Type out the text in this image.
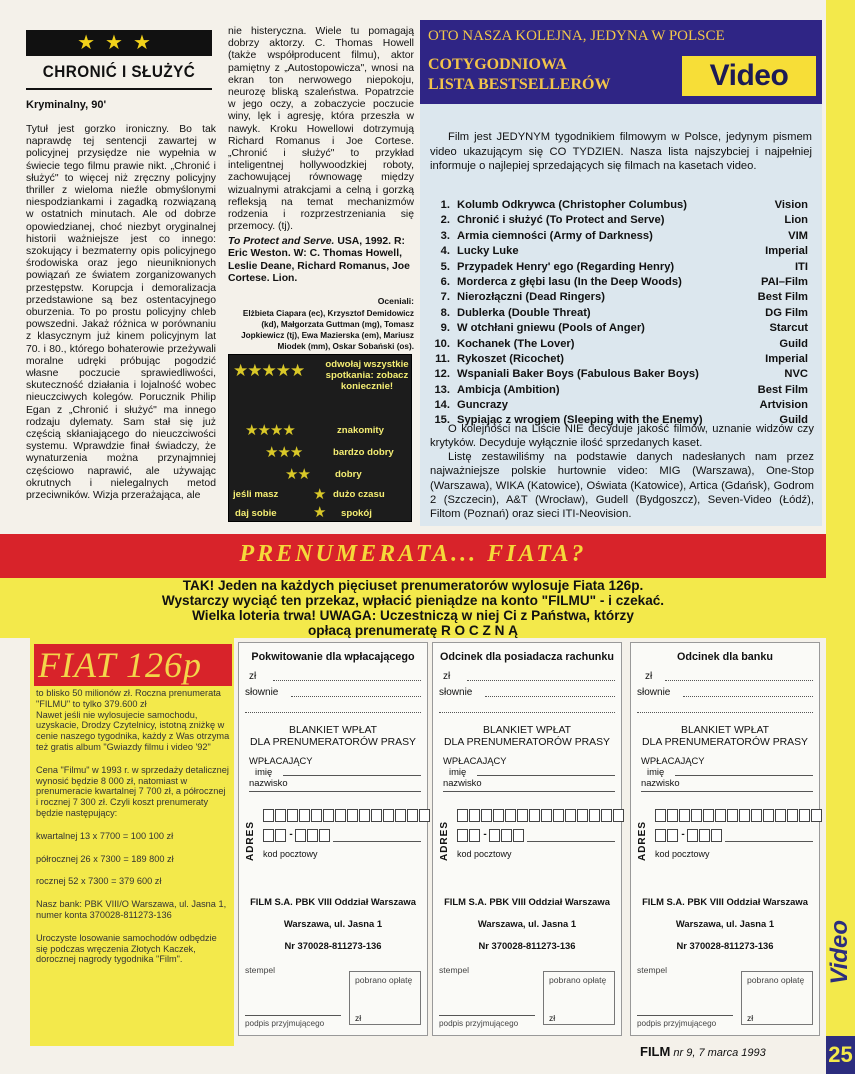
★★★
CHRONIĆ I SŁUŻYĆ
Kryminalny, 90'
Tytuł jest gorzko ironiczny. Bo tak naprawdę tej sentencji zawartej w policyjnej przysiędze nie wypełnia w świecie tego filmu prawie nikt. „Chronić i służyć" to więcej niż zręczny policyjny thriller z wieloma nieźle obmyślonymi niespodziankami i zagadką rozwiązaną w ostatnich minutach. Ale od dobrze opowiedzianej, choć niezbyt oryginalnej historii ważniejsze jest co innego: szokujący i bezmaterny opis policyjnego środowiska oraz jego nieuniknionych powiązań ze światem zorganizowanych przestępstw. Korupcja i demoralizacja przedstawione są bez ostentacyjnego oburzenia. To po prostu policyjny chleb powszedni. Jakaż różnica w porównaniu z klasycznym już kinem policyjnym lat 70. i 80., którego bohaterowie przeżywali moralne udręki próbując pogodzić własne poczucie sprawiedliwości, skuteczność działania i lojalność wobec nieuczciwych kolegów. Porucznik Philip Egan z „Chronić i służyć" ma innego rodzaju dylematy. Sam stał się już częścią skłaniającego do nieuczciwości systemu. Wprawdzie finał świadczy, że wynaturzenia można przynajmniej częściowo naprawić, ale używając okrutnych i nielegalnych metod przeciwników. Wizja przerażająca, ale
nie histeryczna. Wiele tu pomagają dobrzy aktorzy. C. Thomas Howell (także współproducent filmu), aktor pamiętny z „Autostopowicza", wnosi na ekran ton nerwowego niepokoju, neurozę bliską szaleństwa. Popatrzcie w jego oczy, a zobaczycie poczucie winy, lęk i agresję, która przeszła w nawyk. Kroku Howellowi dotrzymują Richard Romanus i Joe Cortese. „Chronić i służyć" to przykład inteligentnej hollywoodzkiej roboty, zachowującej równowagę między wizualnymi atrakcjami a celną i gorzką refleksją na temat mechanizmów rodzenia i rozprzestrzeniania się przemocy. (tj).
To Protect and Serve. USA, 1992. R: Eric Weston. W: C. Thomas Howell, Leslie Deane, Richard Romanus, Joe Cortese. Lion.
Oceniali:
Elżbieta Ciapara (ec), Krzysztof Demidowicz (kd), Małgorzata Guttman (mg), Tomasz Jopkiewicz (tj), Ewa Mazierska (em), Mariusz Miodek (mm), Oskar Sobański (os).
★★★★★ odwołaj wszystkie spotkania: zobacz koniecznie!
★★★★	znakomity
★★★	bardzo dobry
★★	dobry
★ dużo czasu
jeśli masz
daj sobie ★ spokój
OTO NASZA KOLEJNA, JEDYNA W POLSCE
COTYGODNIOWA
LISTA BESTSELLERÓW	Video
Film jest JEDYNYM tygodnikiem filmowym w Polsce, jedynym pismem video ukazującym się CO TYDZIEN. Nasza lista najszybciej i najpełniej informuje o najlepiej sprzedających się filmach na kasetach video.
1. Kolumb Odkrywca (Christopher Columbus)	Vision
2. Chronić i służyć (To Protect and Serve)	Lion
3. Armia ciemności (Army of Darkness)	VIM
4. Lucky Luke	Imperial
5. Przypadek Henry' ego (Regarding Henry)	ITI
6. Morderca z głębi lasu (In the Deep Woods)	PAI–Film
7. Nierozłączni (Dead Ringers)	Best Film
8. Dublerka (Double Threat)	DG Film
9. W otchłani gniewu (Pools of Anger)	Starcut
10. Kochanek (The Lover)	Guild
11. Rykoszet (Ricochet)	Imperial
12. Wspaniali Baker Boys (Fabulous Baker Boys)	NVC
13. Ambicja (Ambition)	Best Film
14. Guncrazy	Artvision
15. Sypiając z wrogiem (Sleeping with the Enemy)	Guild
O kolejności na Liście NIE decyduje jakość filmów, uznanie widzów czy krytyków. Decyduje wyłącznie ilość sprzedanych kaset.
Listę zestawiliśmy na podstawie danych nadesłanych nam przez najważniejsze polskie hurtownie video: MIG (Warszawa), One-Stop (Warszawa), WIKA (Katowice), Oświata (Katowice), Artica (Gdańsk), Godrom 2 (Szczecin), A&T (Wrocław), Gudell (Bydgoszcz), Seven-Video (Łódź), Filtom (Poznań) oraz sieci ITI-Neovision.
PRENUMERATA... FIATA?
TAK! Jeden na każdych pięciuset prenumeratorów wylosuje Fiata 126p.
Wystarczy wyciąć ten przekaz, wpłacić pieniądze na konto "FILMU" - i czekać.
Wielka loteria trwa! UWAGA: Uczestniczą w niej Ci z Państwa, którzy
opłacą prenumeratę R O C Z N Ą
FIAT 126p

to blisko 50 milionów zł. Roczna prenumerata "FILMU" to tylko 379.600 zł

Nawet jeśli nie wylosujecie samochodu, uzyskacie, Drodzy Czytelnicy, istotną zniżkę w cenie naszego tygodnika, każdy z Was otrzyma też gratis album "Gwiazdy filmu i video '92"

Cena "Filmu" w 1993 r. w sprzedaży detalicznej wynosić będzie 8 000 zł, natomiast w prenumeracie kwartalnej 7 700 zł, a półrocznej i rocznej 7 300 zł. Czyli koszt prenumeraty będzie następujący:

kwartalnej 13 x 7700 = 100 100 zł

półrocznej 26 x 7300 = 189 800 zł

rocznej 52 x 7300 = 379 600 zł

Nasz bank: PBK VIII/O Warszawa, ul. Jasna 1, numer konta 370028-811273-136

Uroczyste losowanie samochodów odbędzie się podczas wręczenia Złotych Kaczek, dorocznej nagrody tygodnika "Film".

Pokwitowanie dla wpłacającego
zł
słownie
BLANKIET WPŁAT
DLA PRENUMERATORÓW PRASY
WPŁACAJĄCY
imię
nazwisko
ADRES	-
kod pocztowy
FILM S.A. PBK VIII Oddział Warszawa
Warszawa, ul. Jasna 1
Nr 370028-811273-136
stempel
pobrano opłatę
zł
podpis przyjmującego
Odcinek dla posiadacza rachunku
zł
słownie
BLANKIET WPŁAT
DLA PRENUMERATORÓW PRASY
WPŁACAJĄCY
imię
nazwisko
ADRES	-
kod pocztowy
FILM S.A. PBK VIII Oddział Warszawa
Warszawa, ul. Jasna 1
Nr 370028-811273-136
stempel
pobrano opłatę
zł
podpis przyjmującego
Odcinek dla banku
zł
słownie
BLANKIET WPŁAT
DLA PRENUMERATORÓW PRASY
WPŁACAJĄCY
imię
nazwisko
ADRES	-
kod pocztowy
FILM S.A. PBK VIII Oddział Warszawa
Warszawa, ul. Jasna 1
Nr 370028-811273-136
stempel
pobrano opłatę
zł
podpis przyjmującego
Video
25
FILM nr 9, 7 marca 1993
